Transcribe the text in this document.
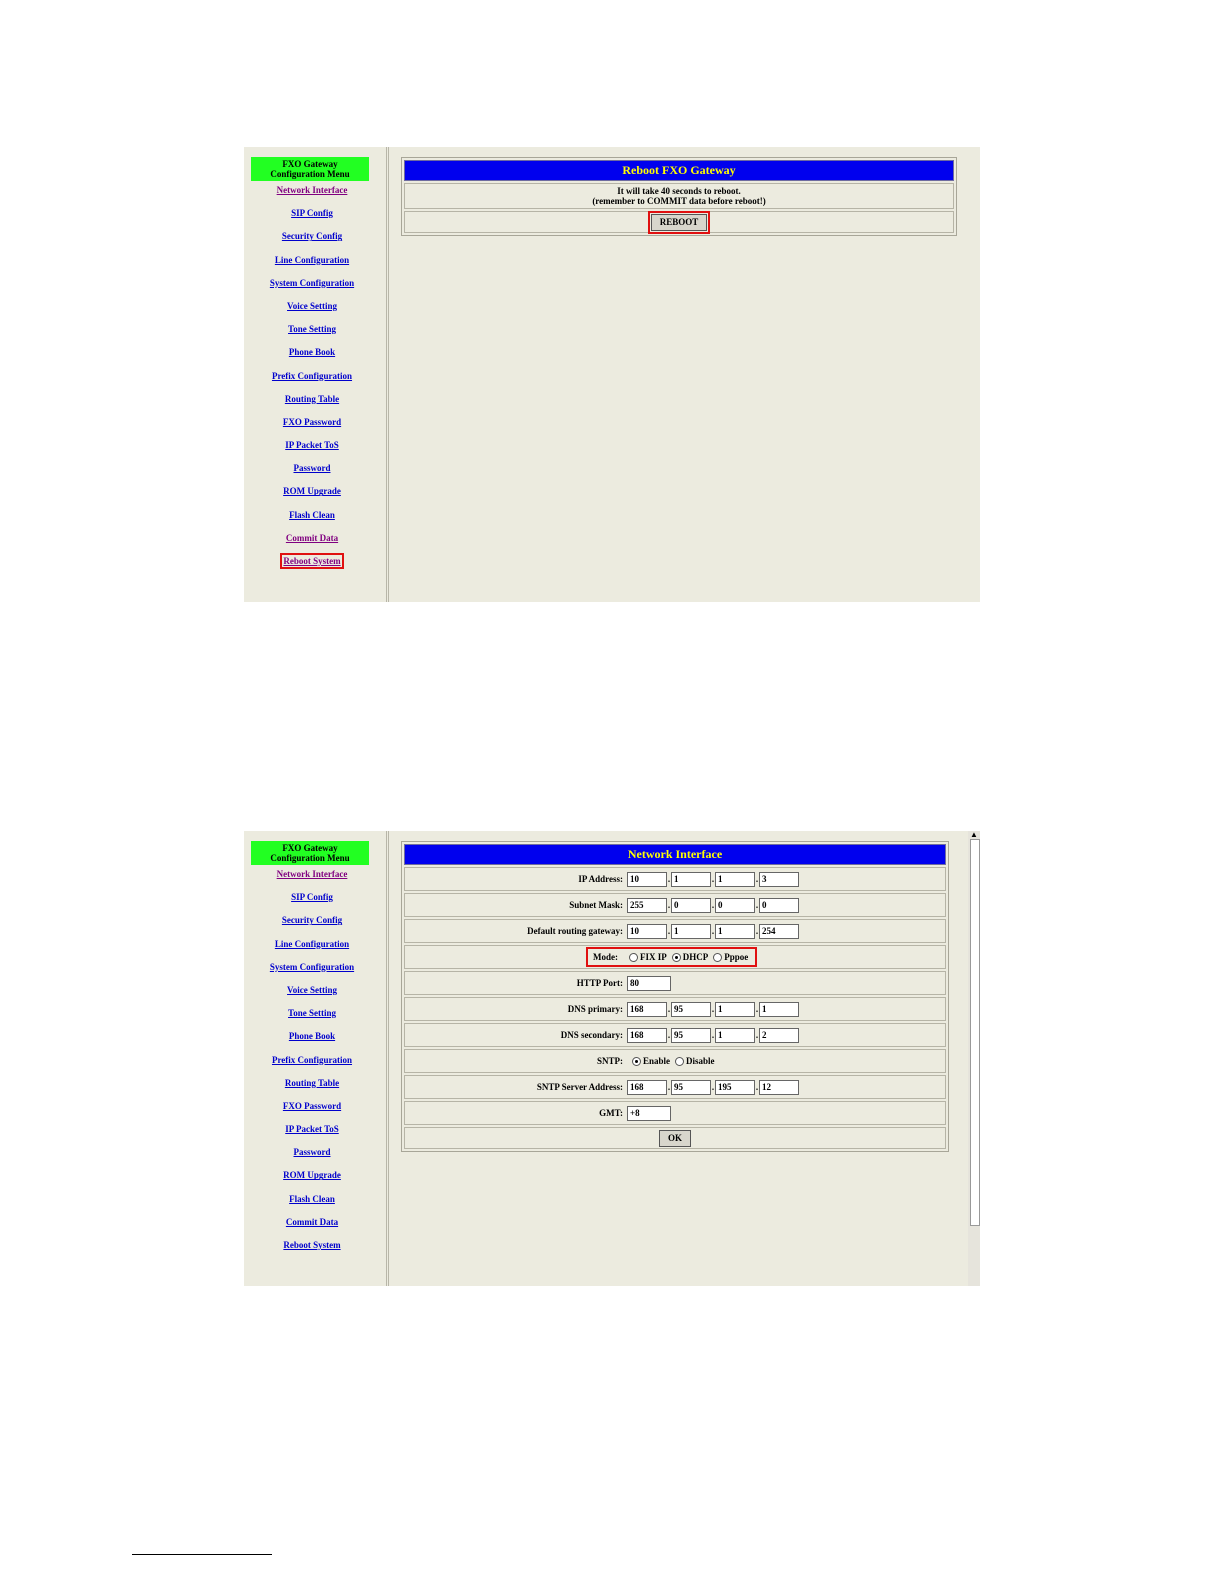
FXO Gateway
Configuration Menu
Network Interface
SIP Config
Security Config
Line Configuration
System Configuration
Voice Setting
Tone Setting
Phone Book
Prefix Configuration
Routing Table
FXO Password
IP Packet ToS
Password
ROM Upgrade
Flash Clean
Commit Data
Reboot System
Reboot FXO Gateway
It will take 40 seconds to reboot.
(remember to COMMIT data before reboot!)
REBOOT
FXO Gateway
Configuration Menu
Network Interface
SIP Config
Security Config
Line Configuration
System Configuration
Voice Setting
Tone Setting
Phone Book
Prefix Configuration
Routing Table
FXO Password
IP Packet ToS
Password
ROM Upgrade
Flash Clean
Commit Data
Reboot System
Network Interface
IP Address: 10	. 1	. 1	. 3
Subnet Mask: 255	. 0	. 0	. 0
Default routing gateway: 10	. 1	. 1	. 254
Mode: FIX IP DHCP Pppoe
HTTP Port: 80
DNS primary: 168	. 95	. 1	. 1
DNS secondary: 168	. 95	. 1	. 2
SNTP:	Enable Disable
SNTP Server Address: 168	. 95	. 195	. 12
GMT: +8
OK
▲
